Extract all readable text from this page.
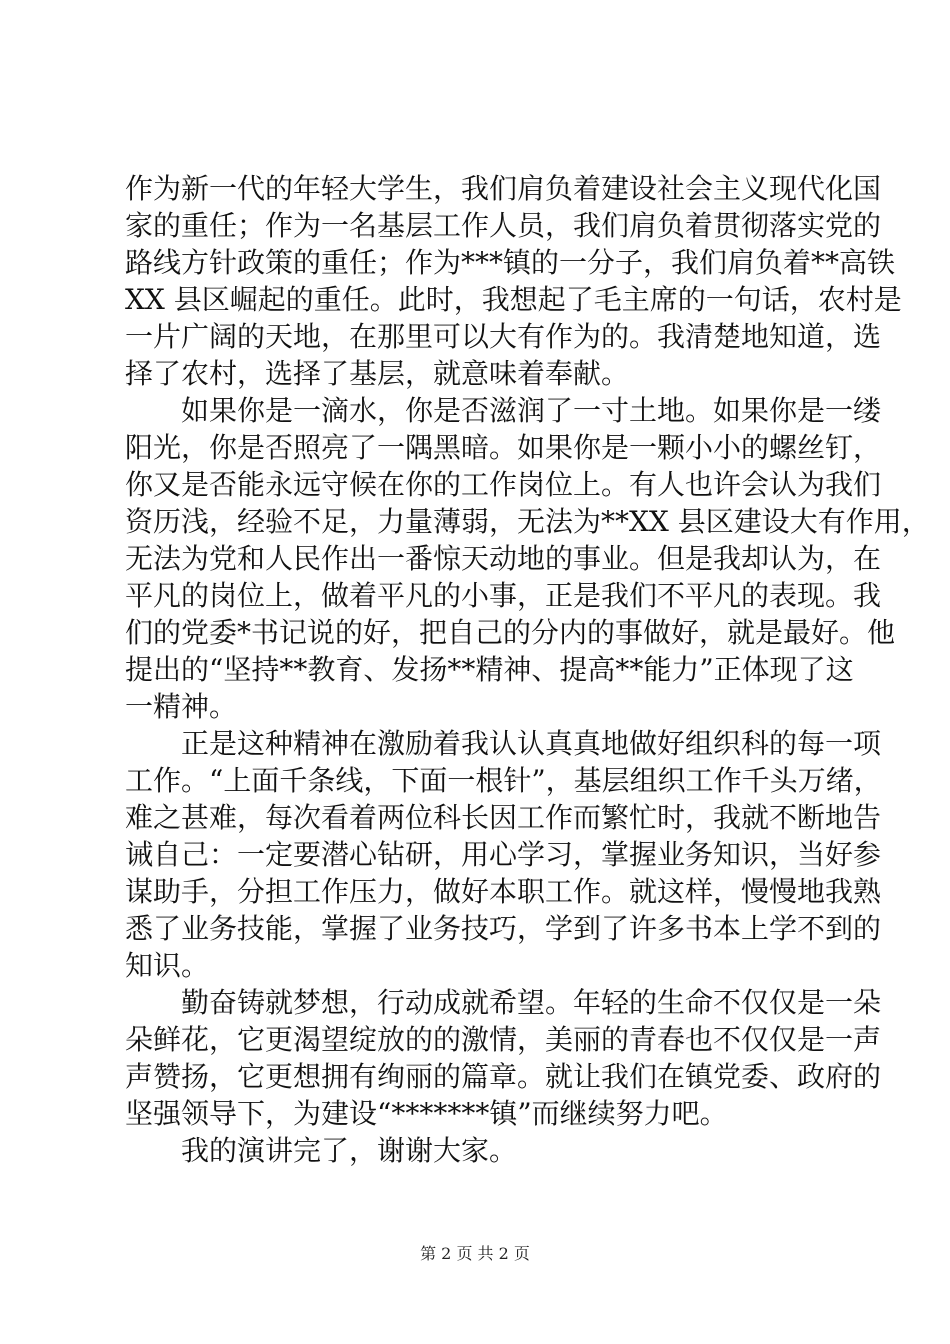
作为新一代的年轻大学生，我们肩负着建设社会主义现代化国
家的重任；作为一名基层工作人员，我们肩负着贯彻落实党的
路线方针政策的重任；作为***镇的一分子，我们肩负着**高铁
XX 县区崛起的重任。此时，我想起了毛主席的一句话，农村是
一片广阔的天地，在那里可以大有作为的。我清楚地知道，选
择了农村，选择了基层，就意味着奉献。
如果你是一滴水，你是否滋润了一寸土地。如果你是一缕
阳光，你是否照亮了一隅黑暗。如果你是一颗小小的螺丝钉，
你又是否能永远守候在你的工作岗位上。有人也许会认为我们
资历浅，经验不足，力量薄弱，无法为**XX 县区建设大有作用，
无法为党和人民作出一番惊天动地的事业。但是我却认为，在
平凡的岗位上，做着平凡的小事，正是我们不平凡的表现。我
们的党委*书记说的好，把自己的分内的事做好，就是最好。他
提出的“坚持**教育、发扬**精神、提高**能力”正体现了这
一精神。
正是这种精神在激励着我认认真真地做好组织科的每一项
工作。“上面千条线，下面一根针”，基层组织工作千头万绪，
难之甚难，每次看着两位科长因工作而繁忙时，我就不断地告
诫自己：一定要潜心钻研，用心学习，掌握业务知识，当好参
谋助手，分担工作压力，做好本职工作。就这样，慢慢地我熟
悉了业务技能，掌握了业务技巧，学到了许多书本上学不到的
知识。
勤奋铸就梦想，行动成就希望。年轻的生命不仅仅是一朵
朵鲜花，它更渴望绽放的的激情，美丽的青春也不仅仅是一声
声赞扬，它更想拥有绚丽的篇章。就让我们在镇党委、政府的
坚强领导下，为建设“*******镇”而继续努力吧。
我的演讲完了，谢谢大家。
第 2 页 共 2 页
